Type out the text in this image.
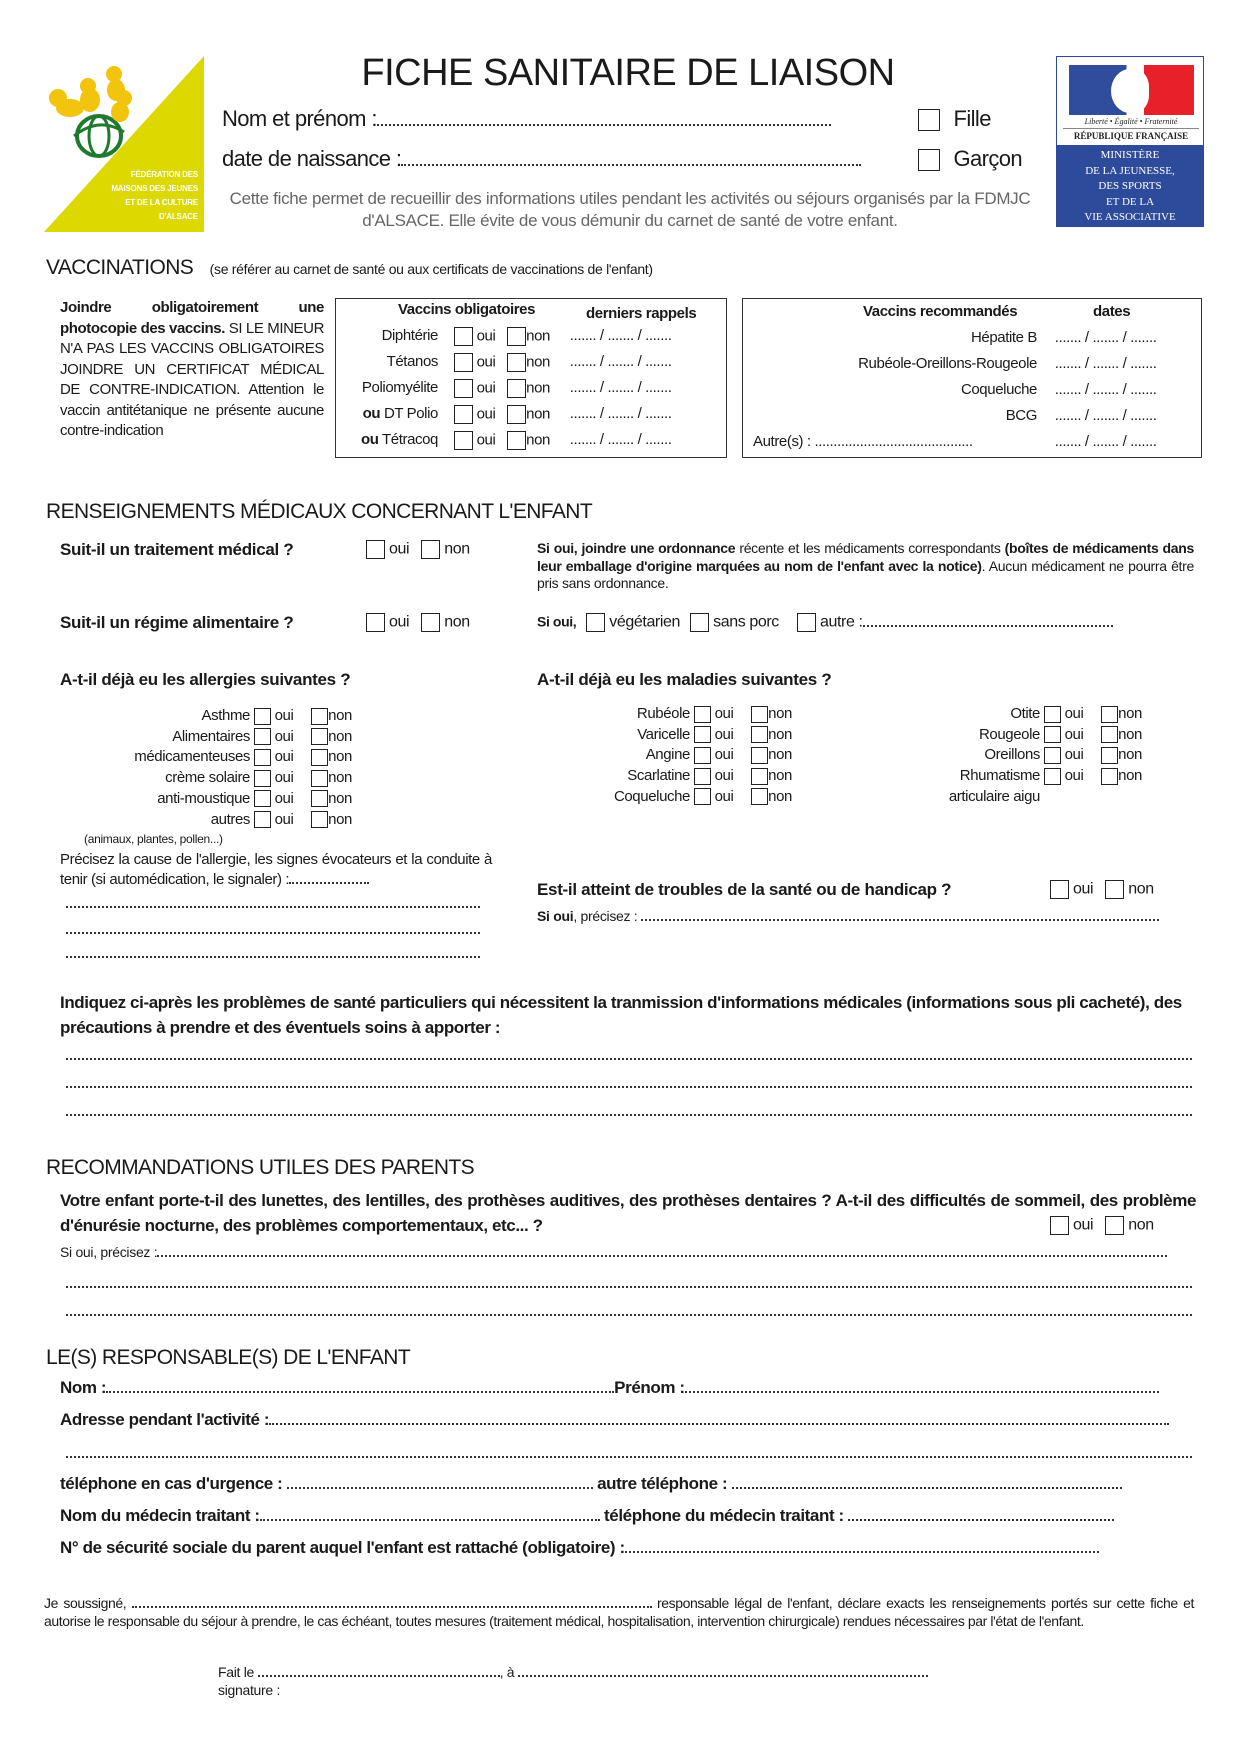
FÉDÉRATION DES
MAISONS DES JEUNES
ET DE LA CULTURE
D'ALSACE
Liberté • Égalité • Fraternité
RÉPUBLIQUE FRANÇAISE
MINISTÈRE
DE LA JEUNESSE,
DES SPORTS
ET DE LA
VIE ASSOCIATIVE
FICHE SANITAIRE DE LIAISON
Nom et prénom :
date de naissance :
Fille
Garçon
Cette fiche permet de recueillir des informations utiles pendant les activités ou séjours organisés par la FDMJC d'ALSACE. Elle évite de vous démunir du carnet de santé de votre enfant.
VACCINATIONS (se référer au carnet de santé ou aux certificats de vaccinations de l'enfant)
Joindre obligatoirement une photocopie des vaccins. SI LE MINEUR N'A PAS LES VACCINS OBLIGATOIRES JOINDRE UN CERTIFICAT MÉDICAL DE CONTRE-INDICATION. Attention le vaccin antitétanique ne présente aucune contre-indication
Vaccins obligatoires	derniers rappels
Diphtérie	oui non ....... / ....... / .......
Tétanos	oui non ....... / ....... / .......
Poliomyélite	oui non ....... / ....... / .......
ou DT Polio	oui non ....... / ....... / .......
ou Tétracoq	oui non ....... / ....... / .......
Vaccins recommandés	dates
Hépatite B ....... / ....... / .......
Rubéole-Oreillons-Rougeole ....... / ....... / .......
Coqueluche ....... / ....... / .......
BCG ....... / ....... / .......
Autre(s) : ..........................................	....... / ....... / .......
RENSEIGNEMENTS MÉDICAUX CONCERNANT L'ENFANT
Suit-il un traitement médical ?	oui non	Si oui, joindre une ordonnance récente et les médicaments correspondants (boîtes de médicaments dans leur emballage d'origine marquées au nom de l'enfant avec la notice). Aucun médicament ne pourra être pris sans ordonnance.
Suit-il un régime alimentaire ?	oui non	Si oui, végétarien sans porc	autre :
A-t-il déjà eu les allergies suivantes ?
Asthme oui non
Alimentaires oui non
médicamenteuses oui non
crème solaire oui non
anti-moustique oui non
autres oui non
(animaux, plantes, pollen...)
Précisez la cause de l'allergie, les signes évocateurs et la conduite à tenir (si automédication, le signaler) :
A-t-il déjà eu les maladies suivantes ?
Rubéole oui non
Varicelle oui non
Angine oui non
Scarlatine oui non
Coqueluche oui non
Otite oui non
Rougeole oui non
Oreillons oui non
Rhumatisme oui non
articulaire aigu
Est-il atteint de troubles de la santé ou de handicap ?	oui non
Si oui, précisez :
Indiquez ci-après les problèmes de santé particuliers qui nécessitent la tranmission d'informations médicales (informations sous pli cacheté), des précautions à prendre et des éventuels soins à apporter :
RECOMMANDATIONS UTILES DES PARENTS
Votre enfant porte-t-il des lunettes, des lentilles, des prothèses auditives, des prothèses dentaires ? A-t-il des difficultés de sommeil, des problème d'énurésie nocturne, des problèmes comportementaux, etc... ?	oui non
Si oui, précisez :
LE(S) RESPONSABLE(S) DE L'ENFANT
Nom :	Prénom :
Adresse pendant l'activité :
téléphone en cas d'urgence :	autre téléphone :
Nom du médecin traitant :	téléphone du médecin traitant :
N° de sécurité sociale du parent auquel l'enfant est rattaché (obligatoire) :
Je soussigné,	responsable légal de l'enfant, déclare exacts les renseignements portés sur cette fiche et autorise le responsable du séjour à prendre, le cas échéant, toutes mesures (traitement médical, hospitalisation, intervention chirurgicale) rendues nécessaires par l'état de l'enfant.
Fait le	, à
signature :
